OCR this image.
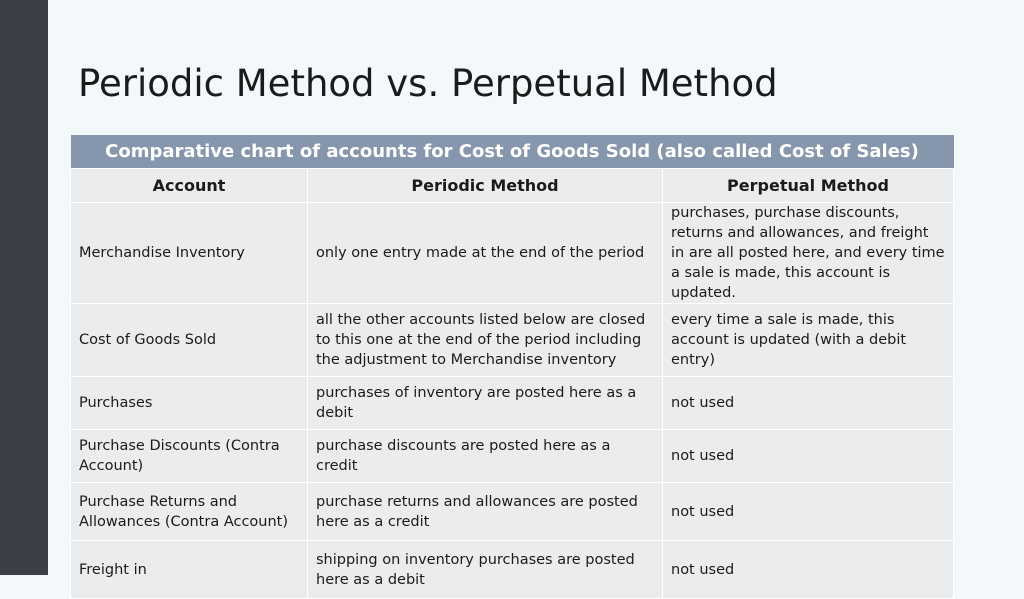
Periodic Method vs. Perpetual Method
Comparative chart of accounts for Cost of Goods Sold (also called Cost of Sales)		
Account	Periodic Method	Perpetual Method
Merchandise Inventory	only one entry made at the end of the period	purchases, purchase discounts, returns and allowances, and freight in are all posted here, and every time a sale is made, this account is updated.
Cost of Goods Sold	all the other accounts listed below are closed to this one at the end of the period including the adjustment to Merchandise inventory	every time a sale is made, this account is updated (with a debit entry)
Purchases	purchases of inventory are posted here as a debit	not used
Purchase Discounts (Contra Account)	purchase discounts are posted here as a credit	not used
Purchase Returns and Allowances (Contra Account)	purchase returns and allowances are posted here as a credit	not used
Freight in	shipping on inventory purchases are posted here as a debit	not used
